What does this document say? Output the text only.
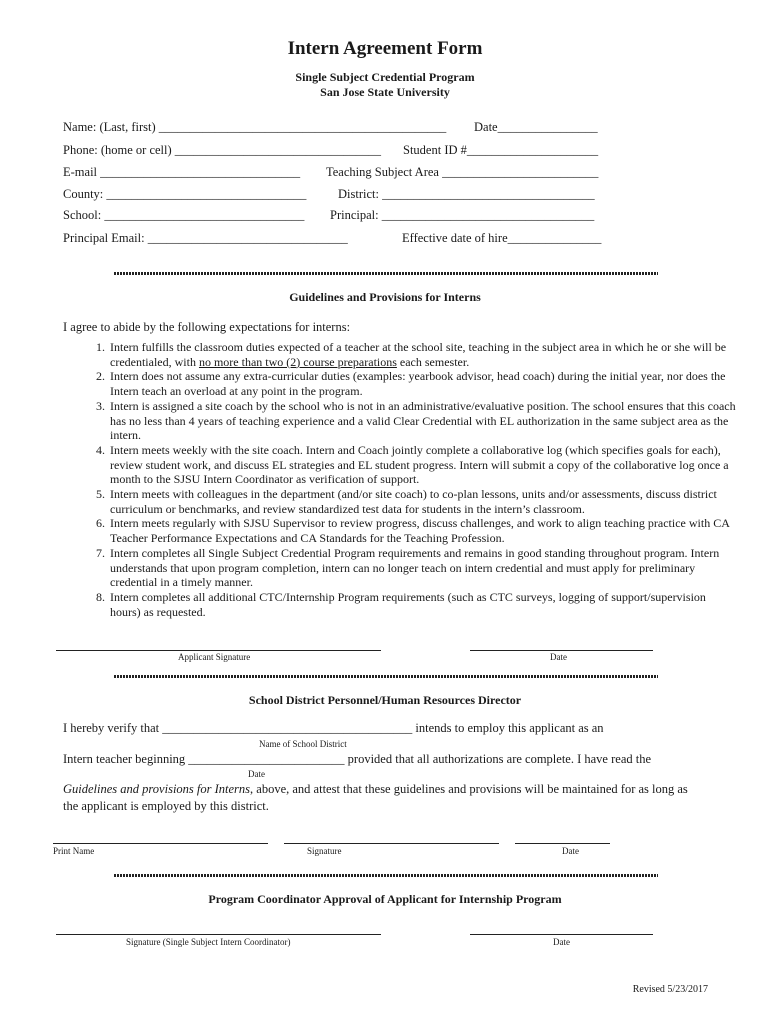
Intern Agreement Form
Single Subject Credential Program
San Jose State University
Name: (Last, first) ______________________________________________ Date________________
Phone: (home or cell) _________________________________ Student ID #_____________________
E-mail ________________________________ Teaching Subject Area _________________________
County: ________________________________	District: __________________________________
School: ________________________________ Principal: __________________________________
Principal Email: ________________________________	Effective date of hire_______________
Guidelines and Provisions for Interns
I agree to abide by the following expectations for interns:
1. Intern fulfills the classroom duties expected of a teacher at the school site, teaching in the subject area in which he or she will be credentialed, with no more than two (2) course preparations each semester.
2. Intern does not assume any extra-curricular duties (examples: yearbook advisor, head coach) during the initial year, nor does the Intern teach an overload at any point in the program.
3. Intern is assigned a site coach by the school who is not in an administrative/evaluative position. The school ensures that this coach has no less than 4 years of teaching experience and a valid Clear Credential with EL authorization in the same subject area as the intern.
4. Intern meets weekly with the site coach. Intern and Coach jointly complete a collaborative log (which specifies goals for each), review student work, and discuss EL strategies and EL student progress. Intern will submit a copy of the collaborative log once a month to the SJSU Intern Coordinator as verification of support.
5. Intern meets with colleagues in the department (and/or site coach) to co-plan lessons, units and/or assessments, discuss district curriculum or benchmarks, and review standardized test data for students in the intern’s classroom.
6. Intern meets regularly with SJSU Supervisor to review progress, discuss challenges, and work to align teaching practice with CA Teacher Performance Expectations and CA Standards for the Teaching Profession.
7. Intern completes all Single Subject Credential Program requirements and remains in good standing throughout program. Intern understands that upon program completion, intern can no longer teach on intern credential and must apply for preliminary credential in a timely manner.
8. Intern completes all additional CTC/Internship Program requirements (such as CTC surveys, logging of support/supervision hours) as requested.
Applicant Signature	Date
School District Personnel/Human Resources Director
I hereby verify that ________________________________________ intends to employ this applicant as an
Name of School District
Intern teacher beginning _________________________ provided that all authorizations are complete. I have read the
Date
Guidelines and provisions for Interns, above, and attest that these guidelines and provisions will be maintained for as long as
the applicant is employed by this district.
Print Name	Signature	Date
Program Coordinator Approval of Applicant for Internship Program
Signature (Single Subject Intern Coordinator)	Date
Revised 5/23/2017
